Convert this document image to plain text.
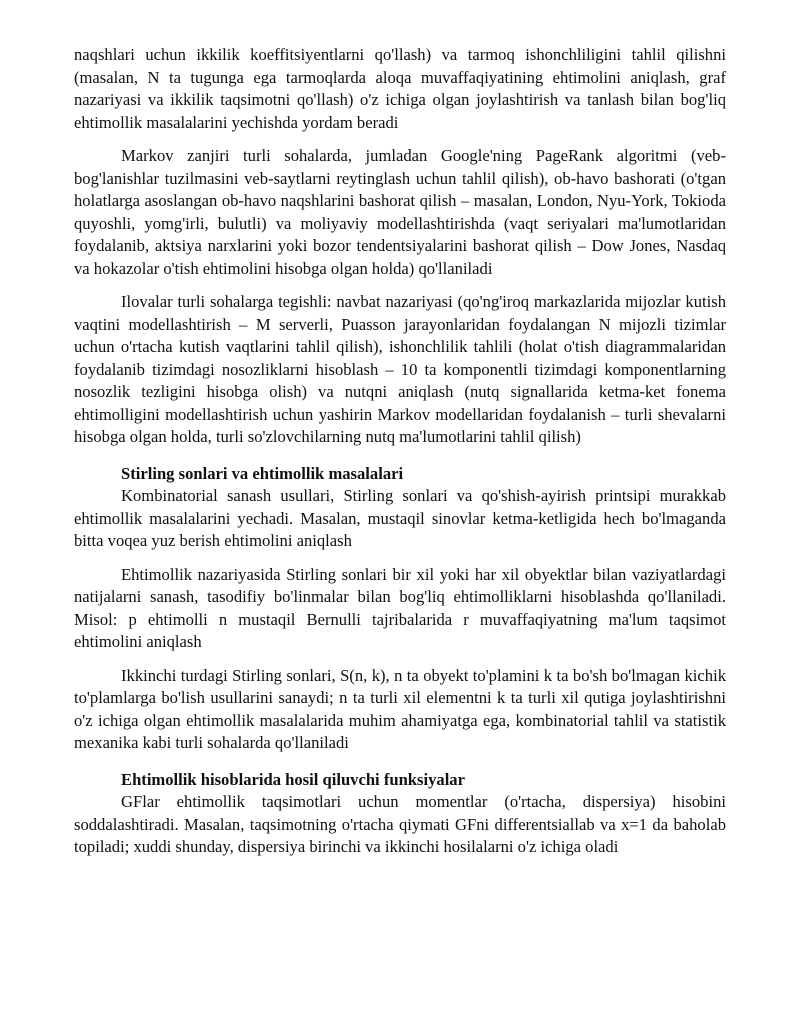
naqshlari uchun ikkilik koeffitsiyentlarni qo'llash) va tarmoq ishonchliligini tahlil qilishni (masalan, N ta tugunga ega tarmoqlarda aloqa muvaffaqiyatining ehtimolini aniqlash, graf nazariyasi va ikkilik taqsimotni qo'llash) o'z ichiga olgan joylashtirish va tanlash bilan bog'liq ehtimollik masalalarini yechishda yordam beradi

Markov zanjiri turli sohalarda, jumladan Google'ning PageRank algoritmi (veb-bog'lanishlar tuzilmasini veb-saytlarni reytinglash uchun tahlil qilish), ob-havo bashorati (o'tgan holatlarga asoslangan ob-havo naqshlarini bashorat qilish – masalan, London, Nyu-York, Tokioda quyoshli, yomg'irli, bulutli) va moliyaviy modellashtirishda (vaqt seriyalari ma'lumotlaridan foydalanib, aktsiya narxlarini yoki bozor tendentsiyalarini bashorat qilish – Dow Jones, Nasdaq va hokazolar o'tish ehtimolini hisobga olgan holda) qo'llaniladi

Ilovalar turli sohalarga tegishli: navbat nazariyasi (qo'ng'iroq markazlarida mijozlar kutish vaqtini modellashtirish – M serverli, Puasson jarayonlaridan foydalangan N mijozli tizimlar uchun o'rtacha kutish vaqtlarini tahlil qilish), ishonchlilik tahlili (holat o'tish diagrammalaridan foydalanib tizimdagi nosozliklarni hisoblash – 10 ta komponentli tizimdagi komponentlarning nosozlik tezligini hisobga olish) va nutqni aniqlash (nutq signallarida ketma-ket fonema ehtimolligini modellashtirish uchun yashirin Markov modellaridan foydalanish – turli shevalarni hisobga olgan holda, turli so'zlovchilarning nutq ma'lumotlarini tahlil qilish)

Stirling sonlari va ehtimollik masalalari

Kombinatorial sanash usullari, Stirling sonlari va qo'shish-ayirish printsipi murakkab ehtimollik masalalarini yechadi. Masalan, mustaqil sinovlar ketma-ketligida hech bo'lmaganda bitta voqea yuz berish ehtimolini aniqlash

Ehtimollik nazariyasida Stirling sonlari bir xil yoki har xil obyektlar bilan vaziyatlardagi natijalarni sanash, tasodifiy bo'linmalar bilan bog'liq ehtimolliklarni hisoblashda qo'llaniladi. Misol: p ehtimolli n mustaqil Bernulli tajribalarida r muvaffaqiyatning ma'lum taqsimot ehtimolini aniqlash

Ikkinchi turdagi Stirling sonlari, S(n, k), n ta obyekt to'plamini k ta bo'sh bo'lmagan kichik to'plamlarga bo'lish usullarini sanaydi; n ta turli xil elementni k ta turli xil qutiga joylashtirishni o'z ichiga olgan ehtimollik masalalarida muhim ahamiyatga ega, kombinatorial tahlil va statistik mexanika kabi turli sohalarda qo'llaniladi

Ehtimollik hisoblarida hosil qiluvchi funksiyalar

GFlar ehtimollik taqsimotlari uchun momentlar (o'rtacha, dispersiya) hisobini soddalashtiradi. Masalan, taqsimotning o'rtacha qiymati GFni differentsiallab va x=1 da baholab topiladi; xuddi shunday, dispersiya birinchi va ikkinchi hosilalarni o'z ichiga oladi
